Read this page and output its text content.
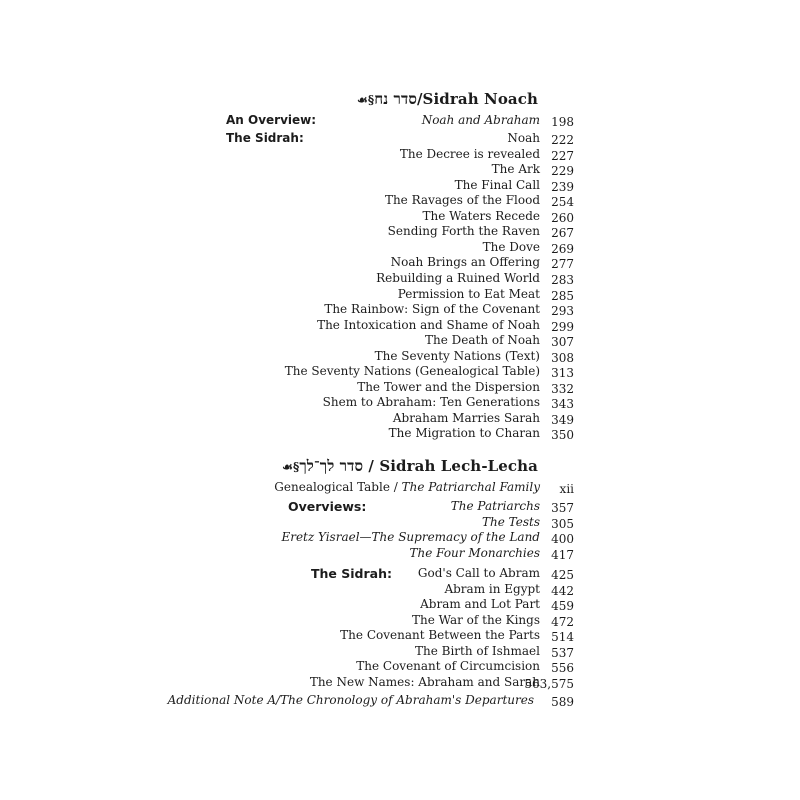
☙§סדר נח/Sidrah Noach
An Overview:
The Sidrah:
Noah and Abraham 198
Noah 222
The Decree is revealed 227
The Ark 229
The Final Call 239
The Ravages of the Flood 254
The Waters Recede 260
Sending Forth the Raven 267
The Dove 269
Noah Brings an Offering 277
Rebuilding a Ruined World 283
Permission to Eat Meat 285
The Rainbow: Sign of the Covenant 293
The Intoxication and Shame of Noah 299
The Death of Noah 307
The Seventy Nations (Text) 308
The Seventy Nations (Genealogical Table) 313
The Tower and the Dispersion 332
Shem to Abraham: Ten Generations 343
Abraham Marries Sarah 349
The Migration to Charan 350
☙§סדר לך־לך / Sidrah Lech-Lecha
Genealogical Table / The Patriarchal Family xii
Overviews:
The Sidrah:
The Patriarchs 357
The Tests 305
Eretz Yisrael—The Supremacy of the Land 400
The Four Monarchies 417
God's Call to Abram 425
Abram in Egypt 442
Abram and Lot Part 459
The War of the Kings 472
The Covenant Between the Parts 514
The Birth of Ishmael 537
The Covenant of Circumcision 556
The New Names: Abraham and Sarah
563,575
Additional Note A/The Chronology of Abraham's Departures 589
